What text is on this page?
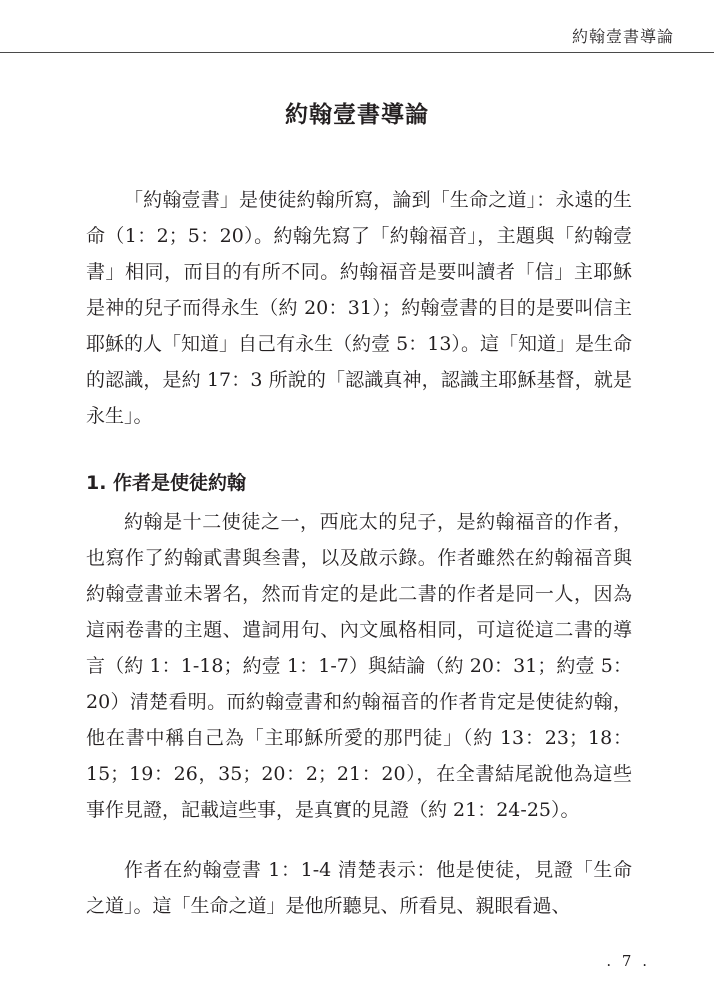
約翰壹書導論
約翰壹書導論

「約翰壹書」是使徒約翰所寫，論到「生命之道」：永遠的生命（1：2；5：20）。約翰先寫了「約翰福音」，主題與「約翰壹書」相同，而目的有所不同。約翰福音是要叫讀者「信」主耶穌是神的兒子而得永生（約 20：31）；約翰壹書的目的是要叫信主耶穌的人「知道」自己有永生（約壹 5：13）。這「知道」是生命的認識，是約 17：3 所說的「認識真神，認識主耶穌基督，就是永生」。

1. 作者是使徒約翰

約翰是十二使徒之一，西庇太的兒子，是約翰福音的作者，也寫作了約翰貳書與叁書，以及啟示錄。作者雖然在約翰福音與約翰壹書並未署名，然而肯定的是此二書的作者是同一人，因為這兩卷書的主題、遣詞用句、內文風格相同，可這從這二書的導言（約 1：1-18；約壹 1：1-7）與結論（約 20：31；約壹 5：20）清楚看明。而約翰壹書和約翰福音的作者肯定是使徒約翰，他在書中稱自己為「主耶穌所愛的那門徒」（約 13：23；18：15；19：26，35；20：2；21：20），在全書結尾說他為這些事作見證，記載這些事，是真實的見證（約 21：24-25）。

作者在約翰壹書 1：1-4 清楚表示：他是使徒，見證「生命之道」。這「生命之道」是他所聽見、所看見、親眼看過、

. 7 .
